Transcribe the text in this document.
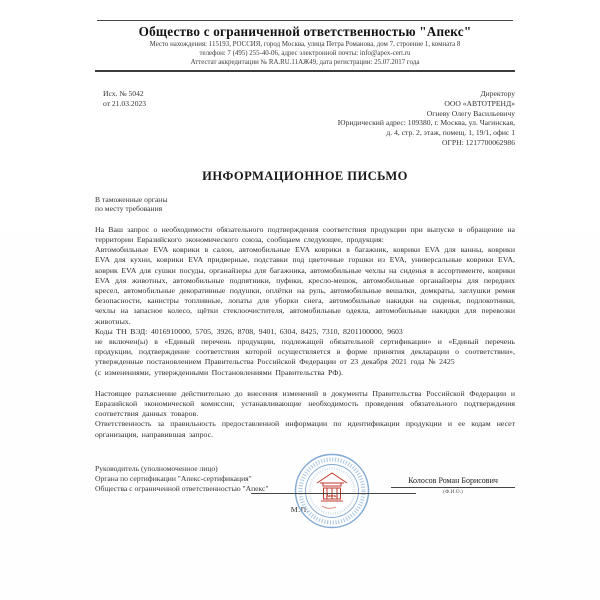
Общество с ограниченной ответственностью "Апекс"
Место нахождения: 115193, РОССИЯ, город Москва, улица Петра Романова, дом 7, строение 1, комната 8
телефон: 7 (495) 255-40-06, адрес электронной почты: info@apex-cert.ru
Аттестат аккредитации № RA.RU.11АЖ49, дата регистрации: 25.07.2017 года
Исх. № 5042
от 21.03.2023
Директору
ООО «АВТОТРЕНД»
Огневу Олегу Васильевичу
Юридический адрес: 109380, г. Москва, ул. Чагинская,
д. 4, стр. 2, этаж, помещ. 1, 19/1, офис 1
ОГРН: 1217700062986
ИНФОРМАЦИОННОЕ ПИСЬМО
В таможенные органы
по месту требования

На Ваш запрос о необходимости обязательного подтверждения соответствия продукции при выпуске в обращение на территории Евразийского экономического союза, сообщаем следующее, продукция:

Автомобильные EVA коврики в салон, автомобильные EVA коврики в багажник, коврики EVA для ванны, коврики EVA для кухни, коврики EVA придверные, подставки под цветочные горшки из EVA, универсальные коврики EVA, коврик EVA для сушки посуды, органайзеры для багажника, автомобильные чехлы на сиденья в ассортименте, коврики EVA для животных, автомобильные подпятники, пуфики, кресло-мешок, автомобильные органайзеры для передних кресел, автомобильные декоративные подушки, оплётки на руль, автомобильные вешалки, домкраты, заглушки ремня безопасности, канистры топливные, лопаты для уборки снега, автомобильные накидки на сиденья, подлокотники, чехлы на запасное колесо, щётки стеклоочистителя, автомобильные одеяла, автомобильные накидки для перевозки животных.

Коды ТН ВЭД: 4016910000, 5705, 3926, 8708, 9401, 6304, 8425, 7310, 8201100000, 9603

не включен(ы) в «Единый перечень продукции, подлежащей обязательной сертификации» и «Единый перечень продукции, подтверждение соответствия которой осуществляется в форме принятия декларации о соответствии», утвержденные постановлением Правительства Российской Федерации от 23 декабря 2021 года № 2425

(с изменениями, утвержденными Постановлениями Правительства РФ).

Настоящее разъяснение действительно до внесения изменений в документы Правительства Российской Федерации и Евразийской экономической комиссии, устанавливающие необходимость проведения обязательного подтверждения соответствия данных товаров.

Ответственность за правильность предоставленной информации по идентификации продукции и ее кодам несет организация, направившая запрос.

Руководитель (уполномоченное лицо)
Органа по сертификации "Апекс-сертификация" Общества с ограниченной ответственностью "Апекс"
Апекс
Колосов Роман Борисович
(Ф.И.О.)
М.П.
